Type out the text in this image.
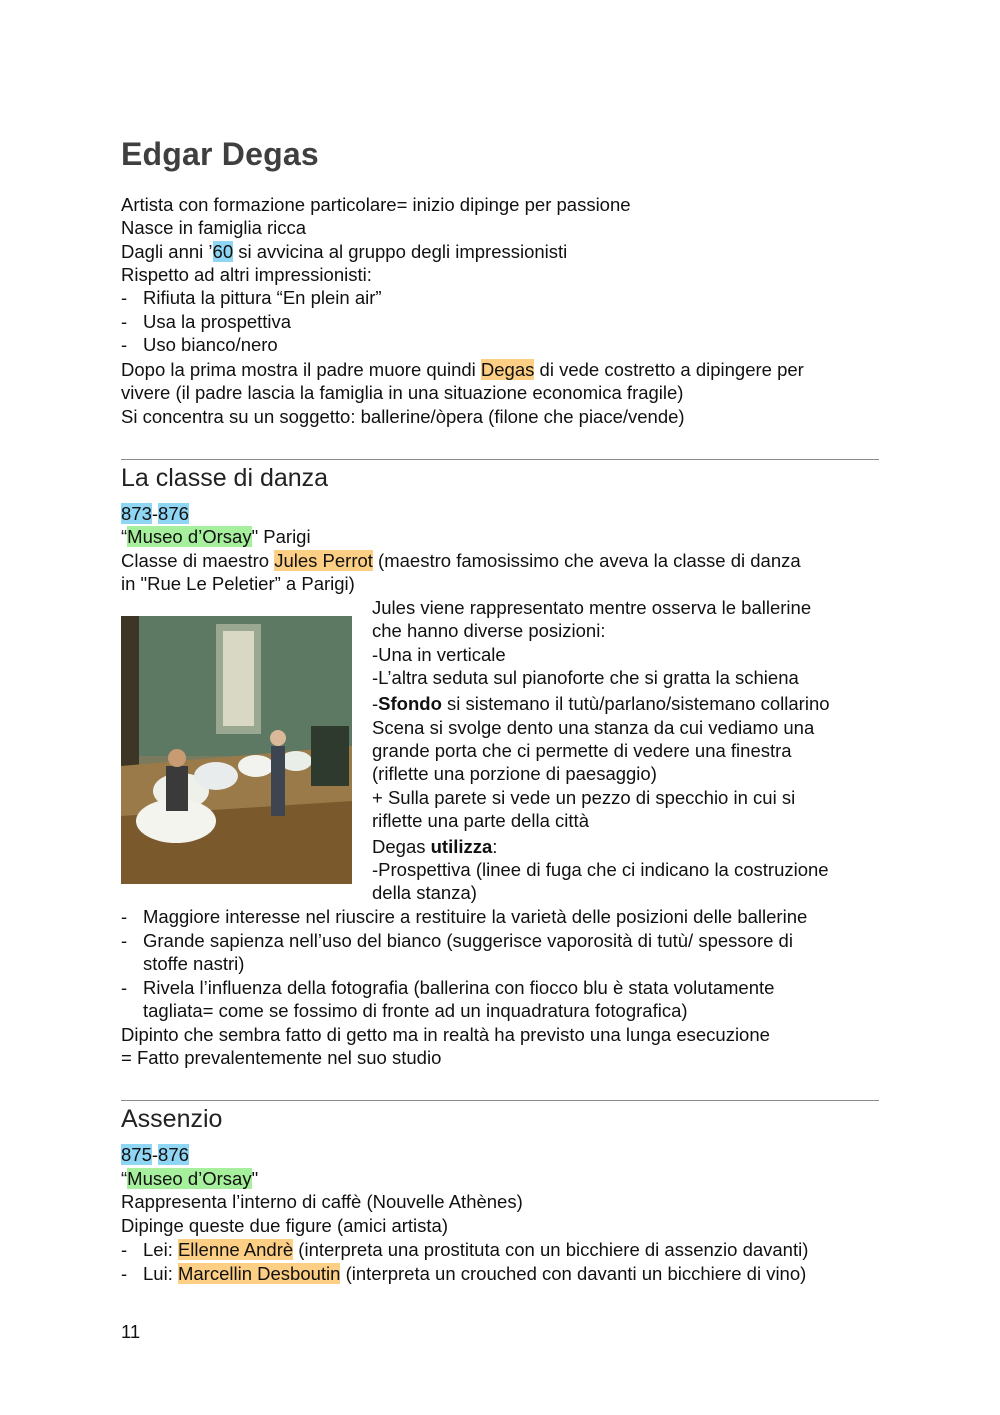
Edgar Degas
Artista con formazione particolare= inizio dipinge per passione
Nasce in famiglia ricca
Dagli anni ’60 si avvicina al gruppo degli impressionisti
Rispetto ad altri impressionisti:
- Rifiuta la pittura “En plein air”
- Usa la prospettiva
- Uso bianco/nero
Dopo la prima mostra il padre muore quindi Degas di vede costretto a dipingere per
vivere (il padre lascia la famiglia in una situazione economica fragile)
Si concentra su un soggetto: ballerine/òpera (filone che piace/vende)
La classe di danza
873-876
“Museo d’Orsay" Parigi
Classe di maestro Jules Perrot (maestro famosissimo che aveva la classe di danza
in "Rue Le Peletier” a Parigi)
Jules viene rappresentato mentre osserva le ballerine
che hanno diverse posizioni:
-Una in verticale
-L’altra seduta sul pianoforte che si gratta la schiena
-Sfondo si sistemano il tutù/parlano/sistemano collarino
Scena si svolge dento una stanza da cui vediamo una
grande porta che ci permette di vedere una finestra
(riflette una porzione di paesaggio)
+ Sulla parete si vede un pezzo di specchio in cui si
riflette una parte della città
Degas utilizza:
-Prospettiva (linee di fuga che ci indicano la costruzione
della stanza)
- Maggiore interesse nel riuscire a restituire la varietà delle posizioni delle ballerine
- Grande sapienza nell’uso del bianco (suggerisce vaporosità di tutù/ spessore di
stoffe nastri)
- Rivela l’influenza della fotografia (ballerina con fiocco blu è stata volutamente
tagliata= come se fossimo di fronte ad un inquadratura fotografica)
Dipinto che sembra fatto di getto ma in realtà ha previsto una lunga esecuzione
= Fatto prevalentemente nel suo studio
Assenzio
875-876
“Museo d’Orsay"
Rappresenta l’interno di caffè (Nouvelle Athènes)
Dipinge queste due figure (amici artista)
- Lei: Ellenne Andrè (interpreta una prostituta con un bicchiere di assenzio davanti)
- Lui: Marcellin Desboutin (interpreta un crouched con davanti un bicchiere di vino)
11
